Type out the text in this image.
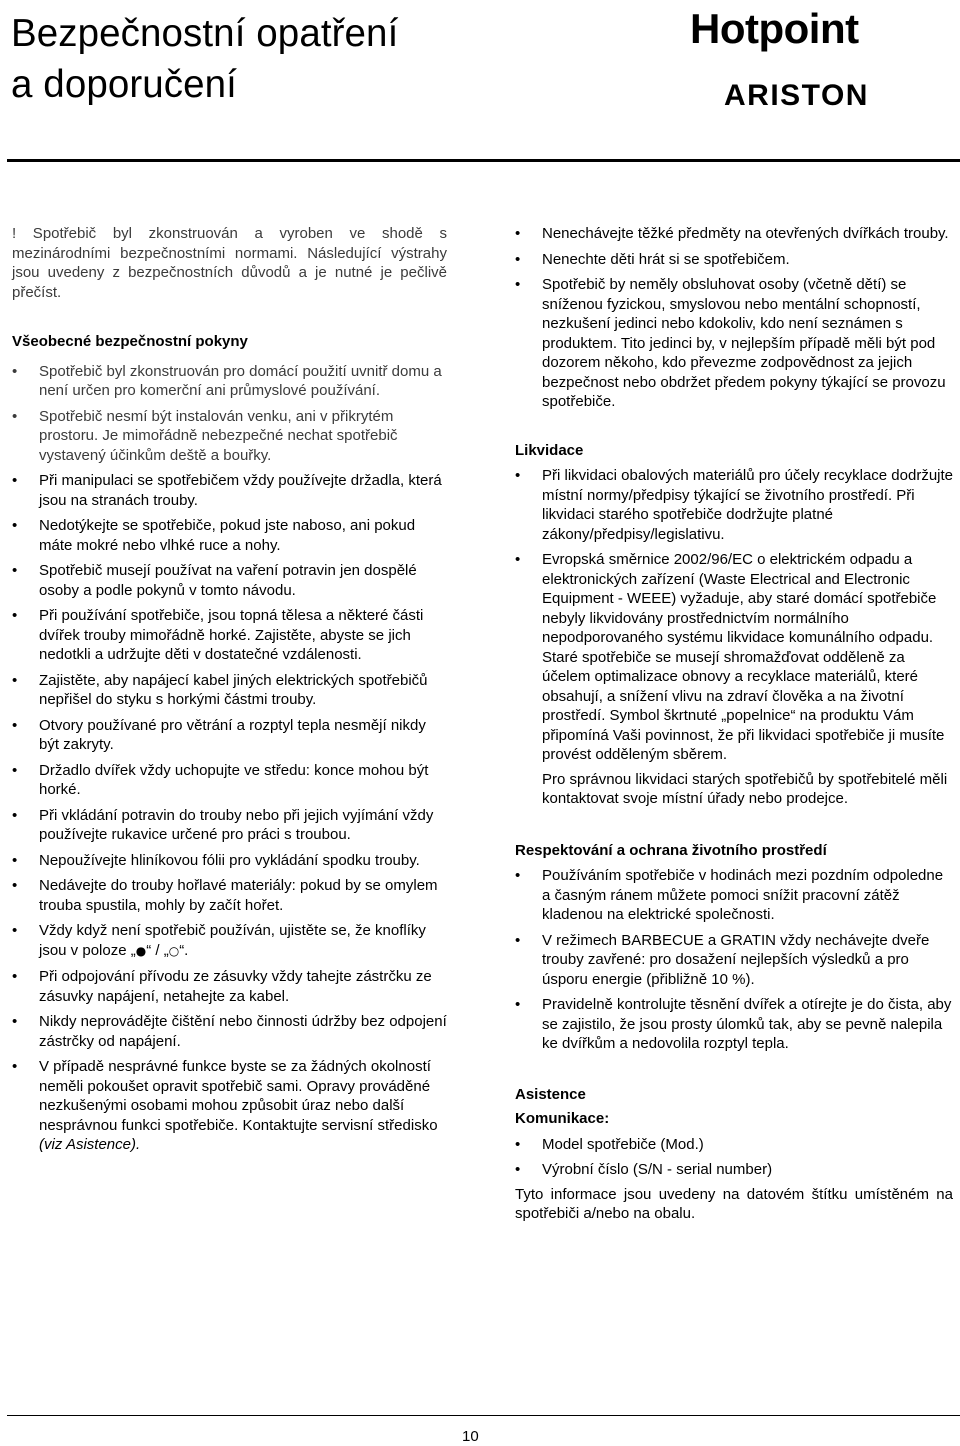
Bezpečnostní opatření
a doporučení
Hotpoint
ARISTON

! Spotřebič byl zkonstruován a vyroben ve shodě s mezinárodními bezpečnostními normami. Následující výstrahy jsou uvedeny z bezpečnostních důvodů a je nutné je pečlivě přečíst.

Všeobecné bezpečnostní pokyny
• Spotřebič byl zkonstruován pro domácí použití uvnitř domu a není určen pro komerční ani průmyslové používání.
• Spotřebič nesmí být instalován venku, ani v přikrytém prostoru. Je mimořádně nebezpečné nechat spotřebič vystavený účinkům deště a bouřky.
• Při manipulaci se spotřebičem vždy používejte držadla, která jsou na stranách trouby.
• Nedotýkejte se spotřebiče, pokud jste naboso, ani pokud máte mokré nebo vlhké ruce a nohy.
• Spotřebič musejí používat na vaření potravin jen dospělé osoby a podle pokynů v tomto návodu.
• Při používání spotřebiče, jsou topná tělesa a některé části dvířek trouby mimořádně horké. Zajistěte, abyste se jich nedotkli a udržujte děti v dostatečné vzdálenosti.
• Zajistěte, aby napájecí kabel jiných elektrických spotřebičů nepřišel do styku s horkými částmi trouby.
• Otvory používané pro větrání a rozptyl tepla nesmějí nikdy být zakryty.
• Držadlo dvířek vždy uchopujte ve středu: konce mohou být horké.
• Při vkládání potravin do trouby nebo při jejich vyjímání vždy používejte rukavice určené pro práci s troubou.
• Nepoužívejte hliníkovou fólii pro vykládání spodku trouby.
• Nedávejte do trouby hořlavé materiály: pokud by se omylem trouba spustila, mohly by začít hořet.
• Vždy když není spotřebič používán, ujistěte se, že knoflíky jsou v poloze „●“ / „○“.
• Při odpojování přívodu ze zásuvky vždy tahejte zástrčku ze zásuvky napájení, netahejte za kabel.
• Nikdy neprovádějte čištění nebo činnosti údržby bez odpojení zástrčky od napájení.
• V případě nesprávné funkce byste se za žádných okolností neměli pokoušet opravit spotřebič sami. Opravy prováděné nezkušenými osobami mohou způsobit úraz nebo další nesprávnou funkci spotřebiče. Kontaktujte servisní středisko (viz Asistence).
• Nenechávejte těžké předměty na otevřených dvířkách trouby.
• Nenechte děti hrát si se spotřebičem.
• Spotřebič by neměly obsluhovat osoby (včetně dětí) se sníženou fyzickou, smyslovou nebo mentální schopností, nezkušení jedinci nebo kdokoliv, kdo není seznámen s produktem. Tito jedinci by, v nejlepším případě měli být pod dozorem někoho, kdo převezme zodpovědnost za jejich bezpečnost nebo obdržet předem pokyny týkající se provozu spotřebiče.
Likvidace
• Při likvidaci obalových materiálů pro účely recyklace dodržujte místní normy/předpisy týkající se životního prostředí. Při likvidaci starého spotřebiče dodržujte platné zákony/předpisy/legislativu.
• Evropská směrnice 2002/96/EC o elektrickém odpadu a elektronických zařízení (Waste Electrical and Electronic Equipment - WEEE) vyžaduje, aby staré domácí spotřebiče nebyly likvidovány prostřednictvím normálního nepodporovaného systému likvidace komunálního odpadu. Staré spotřebiče se musejí shromažďovat odděleně za účelem optimalizace obnovy a recyklace materiálů, které obsahují, a snížení vlivu na zdraví člověka a na životní prostředí. Symbol škrtnuté „popelnice“ na produktu Vám připomíná Vaši povinnost, že při likvidaci spotřebiče ji musíte provést odděleným sběrem.

Pro správnou likvidaci starých spotřebičů by spotřebitelé měli kontaktovat svoje místní úřady nebo prodejce.

Respektování a ochrana životního prostředí
• Používáním spotřebiče v hodinách mezi pozdním odpoledne a časným ránem můžete pomoci snížit pracovní zátěž kladenou na elektrické společnosti.
• V režimech BARBECUE a GRATIN vždy nechávejte dveře trouby zavřené: pro dosažení nejlepších výsledků a pro úsporu energie (přibližně 10 %).
• Pravidelně kontrolujte těsnění dvířek a otírejte je do čista, aby se zajistilo, že jsou prosty úlomků tak, aby se pevně nalepila ke dvířkům a nedovolila rozptyl tepla.
Asistence
Komunikace:
• Model spotřebiče (Mod.)
• Výrobní číslo (S/N - serial number)

Tyto informace jsou uvedeny na datovém štítku umístěném na spotřebiči a/nebo na obalu.

10
